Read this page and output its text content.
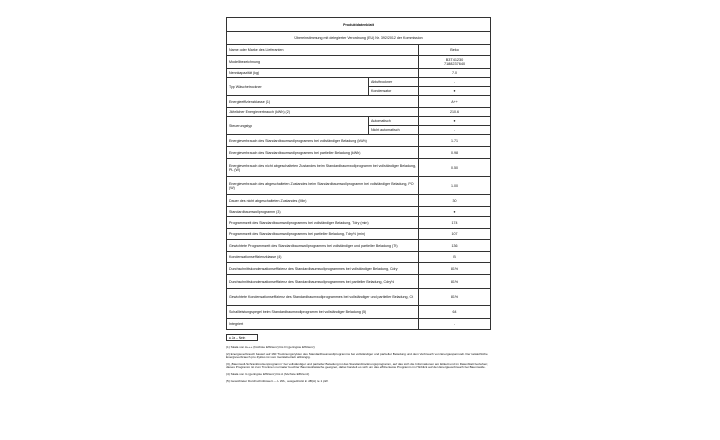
Produktdatenblatt		
Übereinstimmung mit delegierter Verordnung (EU) Nr. 392/2012 der Kommission		
Name oder Marke des Lieferanten		Beko
Modellbezeichnung		B3T41230
7188237640
Nennkapazität (kg)		7.0
Typ Wäschetrockner	Abluftrockner	-
	Kondensator	●
Energieeffizienzklasse (1)		A++
Jährlicher Energieverbrauch (kWh) (2)		210.6
Steuerungstyp	Automatisch	●
	Nicht automatisch	-
Energieverbrauch des Standardbaumwollprogramms bei vollständiger Beladung (kWh)		1.71
Energieverbrauch des Standardbaumwollprogramms bei partieller Beladung (kWh)		0.98
Energieverbrauch des nicht abgeschalteten Zustandes beim Standardbaumwollprogramm bei vollständiger Beladung, PL (W)		0.50
Energieverbrauch des abgeschalteten Zustandes beim Standardbaumwollprogramm bei vollständiger Beladung, PO (W)		1.00
Dauer des nicht abgeschalteten Zustandes (Min)		30
Standardbaumwollprogramm (3)		●
Programmzeit des Standardbaumwollprogramms bei vollständiger Beladung, Tdry (min)		174
Programmzeit des Standardbaumwollprogramms bei partieller Beladung, Tdry½ (min)		107
Gewichtete Programmzeit des Standardbaumwollprogramms bei vollständiger und partieller Beladung (Tt)		136
Kondensationseffizienzklasse (4)		B
Durchschnittskondensationseffizienz des Standardbaumwollprogrammes bei vollständiger Beladung, Cdry		81%
Durchschnittskondensationseffizienz des Standardbaumwollprogrammes bei partieller Beladung, Cdry½		81%
Gewichtete Kondensationseffizienz des Standardbaumwollprogrammes bei vollständiger und partieller Beladung, Ct		81%
Schallleistungspegel beim Standardbaumwollprogramm bei vollständiger Beladung (5)		64
Integriert		-
● Ja – Nein

(1) Skala von A+++ (höchste Effizienz) bis D (geringste Effizienz)

(2) Energieverbrauch basiert auf 160 Trocknungszyklen des Standardbaumwollprogramms bei vollständiger und partieller Beladung und dem Verbrauch von Energiesparmodi. Der tatsächliche Energieverbrauch pro Zyklus ist vom Gerätebetrieb abhängig.

(3) „Baumwoll-Schranktrockenprogramm“ bei vollständiger und partieller Beladung ist das Standardtrocknungsprogramm, auf das sich die Informationen am Etikett und im Datenblatt beziehen; dieses Programm ist zum Trocknen normaler feuchter Baumwollwäsche geeignet, dabei handelt es sich um das effizienteste Programm im Hinblick auf den Energieverbrauch bei Baumwolle.

(4) Skala von G (geringste Effizienz) bis A (höchste Effizienz)

(5) Gewichteter Durchschnittswert — L WA , ausgedrückt in dB(A) re 1 pW.
